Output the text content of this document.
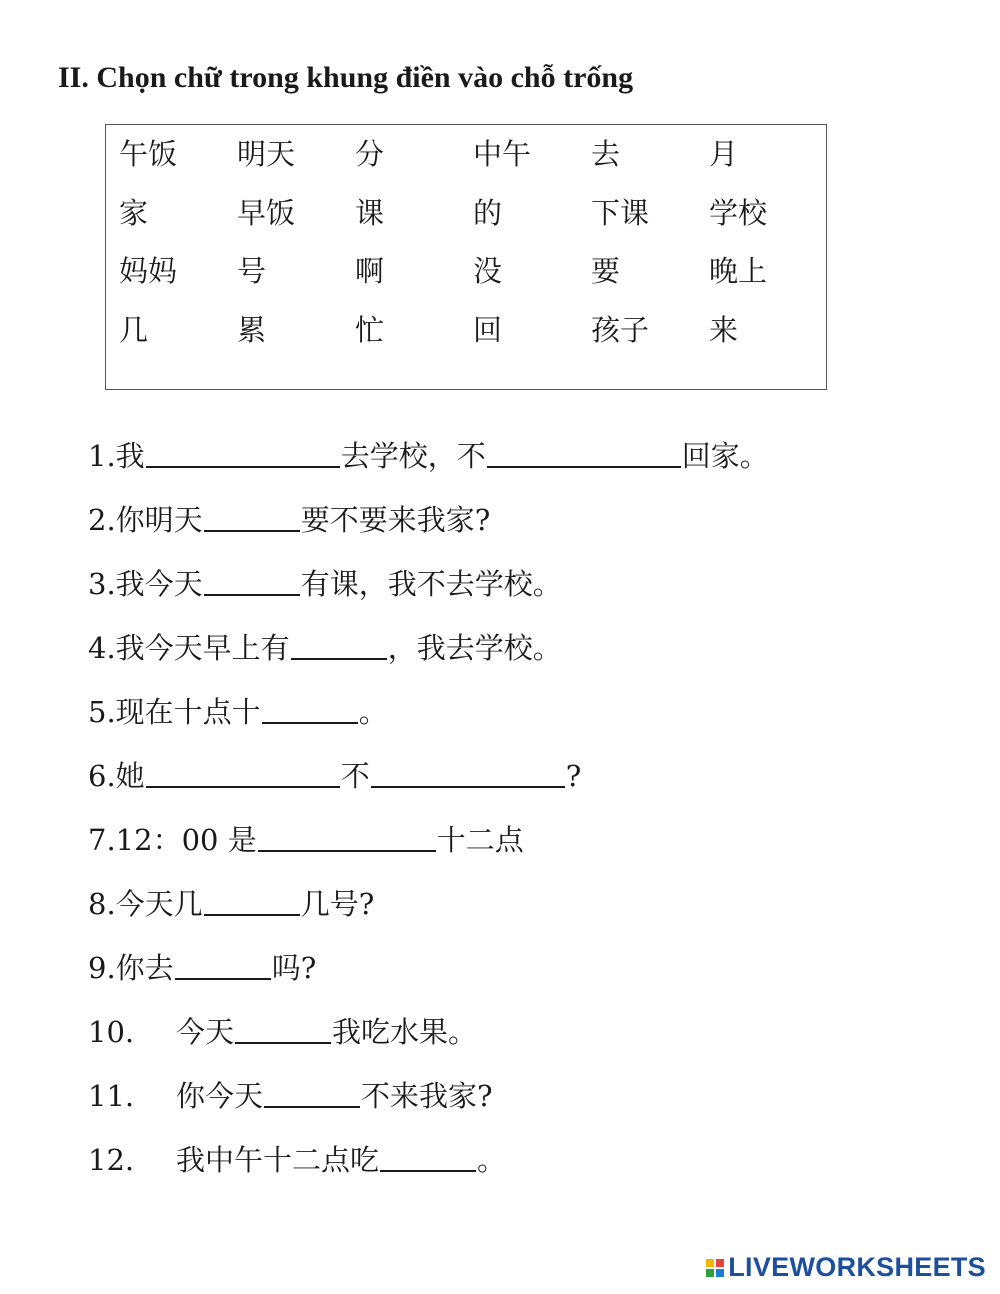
II. Chọn chữ trong khung điền vào chỗ trống
午饭	明天	分	中午	去	月
家	早饭	课	的	下课	学校
妈妈	号	啊	没	要	晚上
几	累	忙	回	孩子	来
1. 我	去学校，不	回家。
2. 你明天	要不要来我家?
3. 我今天	有课，我不去学校。
4. 我今天早上有	，我去学校。
5. 现在十点十	。
6. 她	不	?
7. 12：00 是	十二点
8. 今天几	几号?
9. 你去	吗?
10.	今天	我吃水果。
11.	你今天	不来我家?
12.	我中午十二点吃	。
LIVEWORKSHEETS
